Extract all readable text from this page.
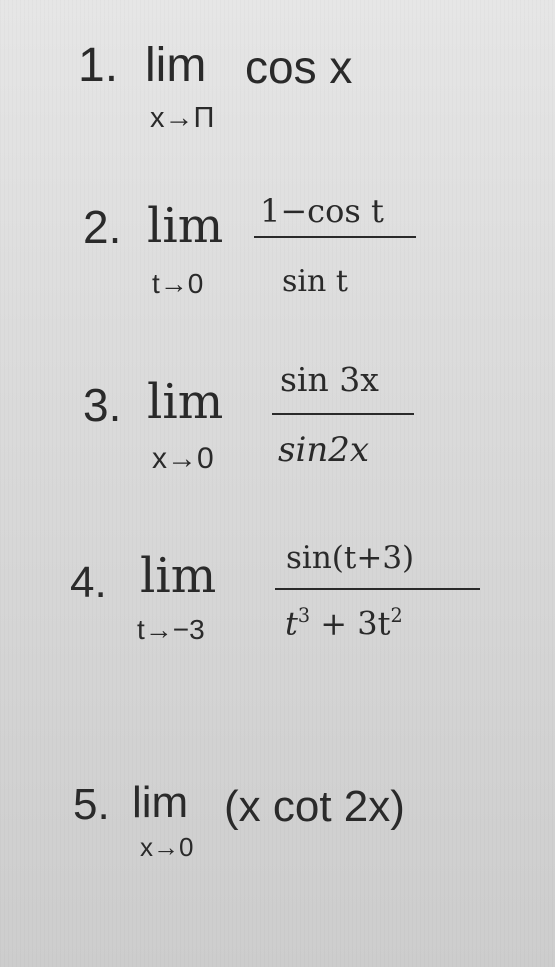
1. lim cos x
x→Π
2. lim 1−cos t
sin t
t→0
3. lim sin 3x
sin2x
x→0
4. lim sin(t+3)
$t^3 + 3t^2$
t→−3
5. lim (x cot 2x)
x→0
